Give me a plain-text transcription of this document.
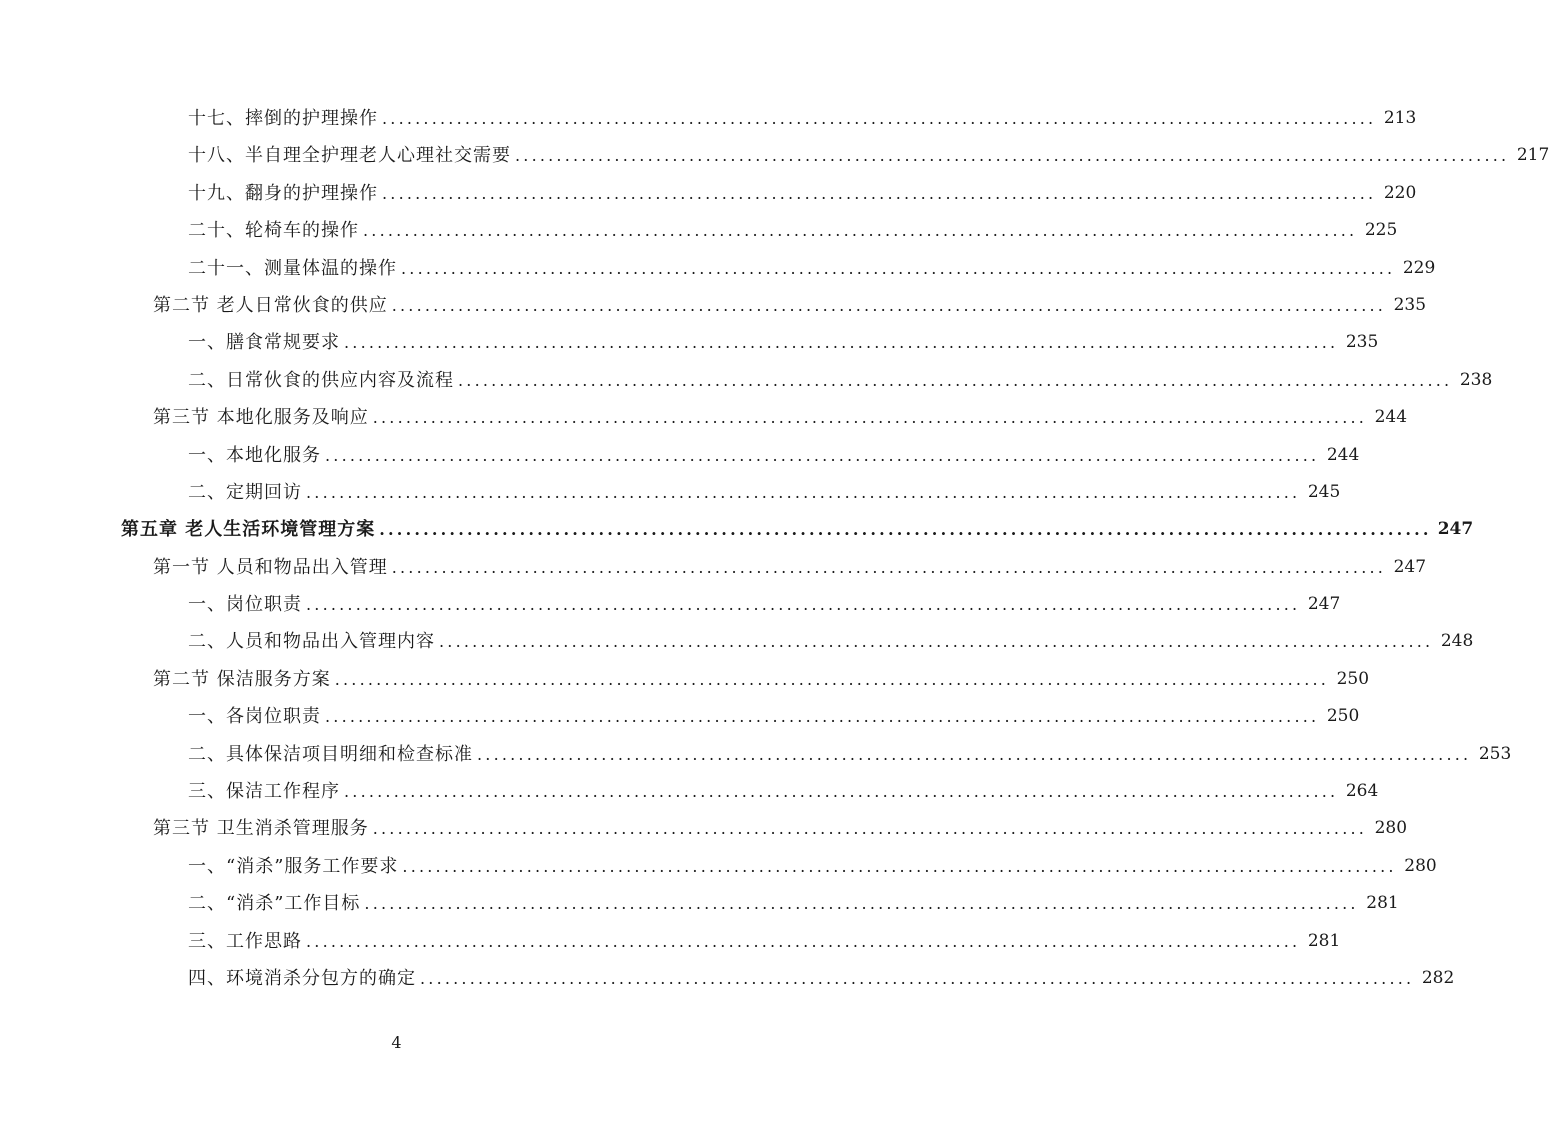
十七、摔倒的护理操作 ........................................................................................................................ 213
十八、半自理全护理老人心理社交需要 ........................................................................................................................ 217
十九、翻身的护理操作 ........................................................................................................................ 220
二十、轮椅车的操作 ........................................................................................................................ 225
二十一、测量体温的操作 ........................................................................................................................ 229
第二节 老人日常伙食的供应 ........................................................................................................................ 235
一、膳食常规要求 ........................................................................................................................ 235
二、日常伙食的供应内容及流程 ........................................................................................................................ 238
第三节 本地化服务及响应 ........................................................................................................................ 244
一、本地化服务 ........................................................................................................................ 244
二、定期回访 ........................................................................................................................ 245
第五章 老人生活环境管理方案 ........................................................................................................................ 247
第一节 人员和物品出入管理 ........................................................................................................................ 247
一、岗位职责 ........................................................................................................................ 247
二、人员和物品出入管理内容 ........................................................................................................................ 248
第二节 保洁服务方案 ........................................................................................................................ 250
一、各岗位职责 ........................................................................................................................ 250
二、具体保洁项目明细和检查标准 ........................................................................................................................ 253
三、保洁工作程序 ........................................................................................................................ 264
第三节 卫生消杀管理服务 ........................................................................................................................ 280
一、“消杀”服务工作要求 ........................................................................................................................ 280
二、“消杀”工作目标 ........................................................................................................................ 281
三、工作思路 ........................................................................................................................ 281
四、环境消杀分包方的确定 ........................................................................................................................ 282
4
